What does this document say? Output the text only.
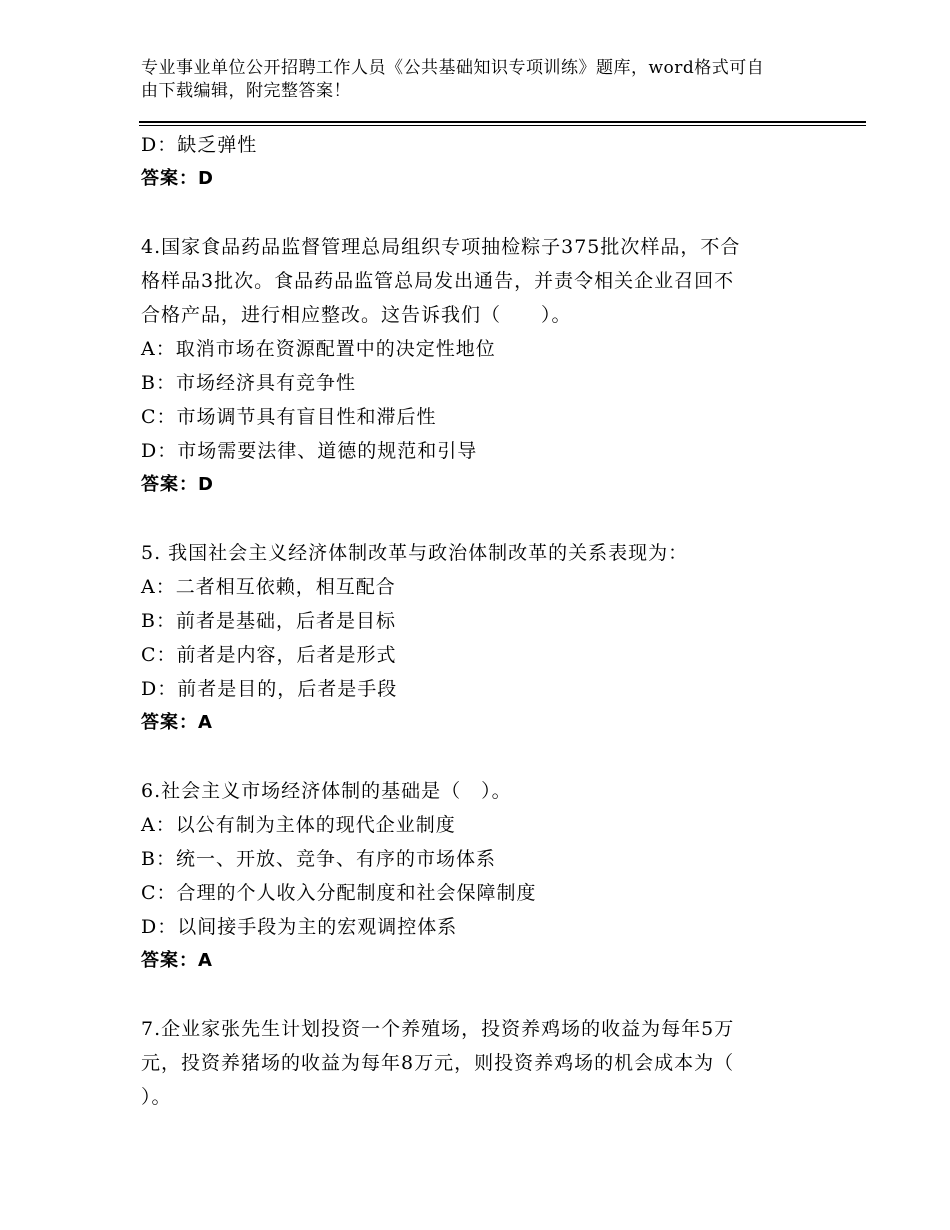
专业事业单位公开招聘工作人员《公共基础知识专项训练》题库，word格式可自
由下载编辑，附完整答案！
D：缺乏弹性
答案：D
4.国家食品药品监督管理总局组织专项抽检粽子375批次样品，不合
格样品3批次。食品药品监管总局发出通告，并责令相关企业召回不
合格产品，进行相应整改。这告诉我们（　　）。
A：取消市场在资源配置中的决定性地位
B：市场经济具有竞争性
C：市场调节具有盲目性和滞后性
D：市场需要法律、道德的规范和引导
答案：D
5. 我国社会主义经济体制改革与政治体制改革的关系表现为：
A：二者相互依赖，相互配合
B：前者是基础，后者是目标
C：前者是内容，后者是形式
D：前者是目的，后者是手段
答案：A
6.社会主义市场经济体制的基础是（　）。
A：以公有制为主体的现代企业制度
B：统一、开放、竞争、有序的市场体系
C：合理的个人收入分配制度和社会保障制度
D：以间接手段为主的宏观调控体系
答案：A
7.企业家张先生计划投资一个养殖场，投资养鸡场的收益为每年5万
元，投资养猪场的收益为每年8万元，则投资养鸡场的机会成本为（
）。
